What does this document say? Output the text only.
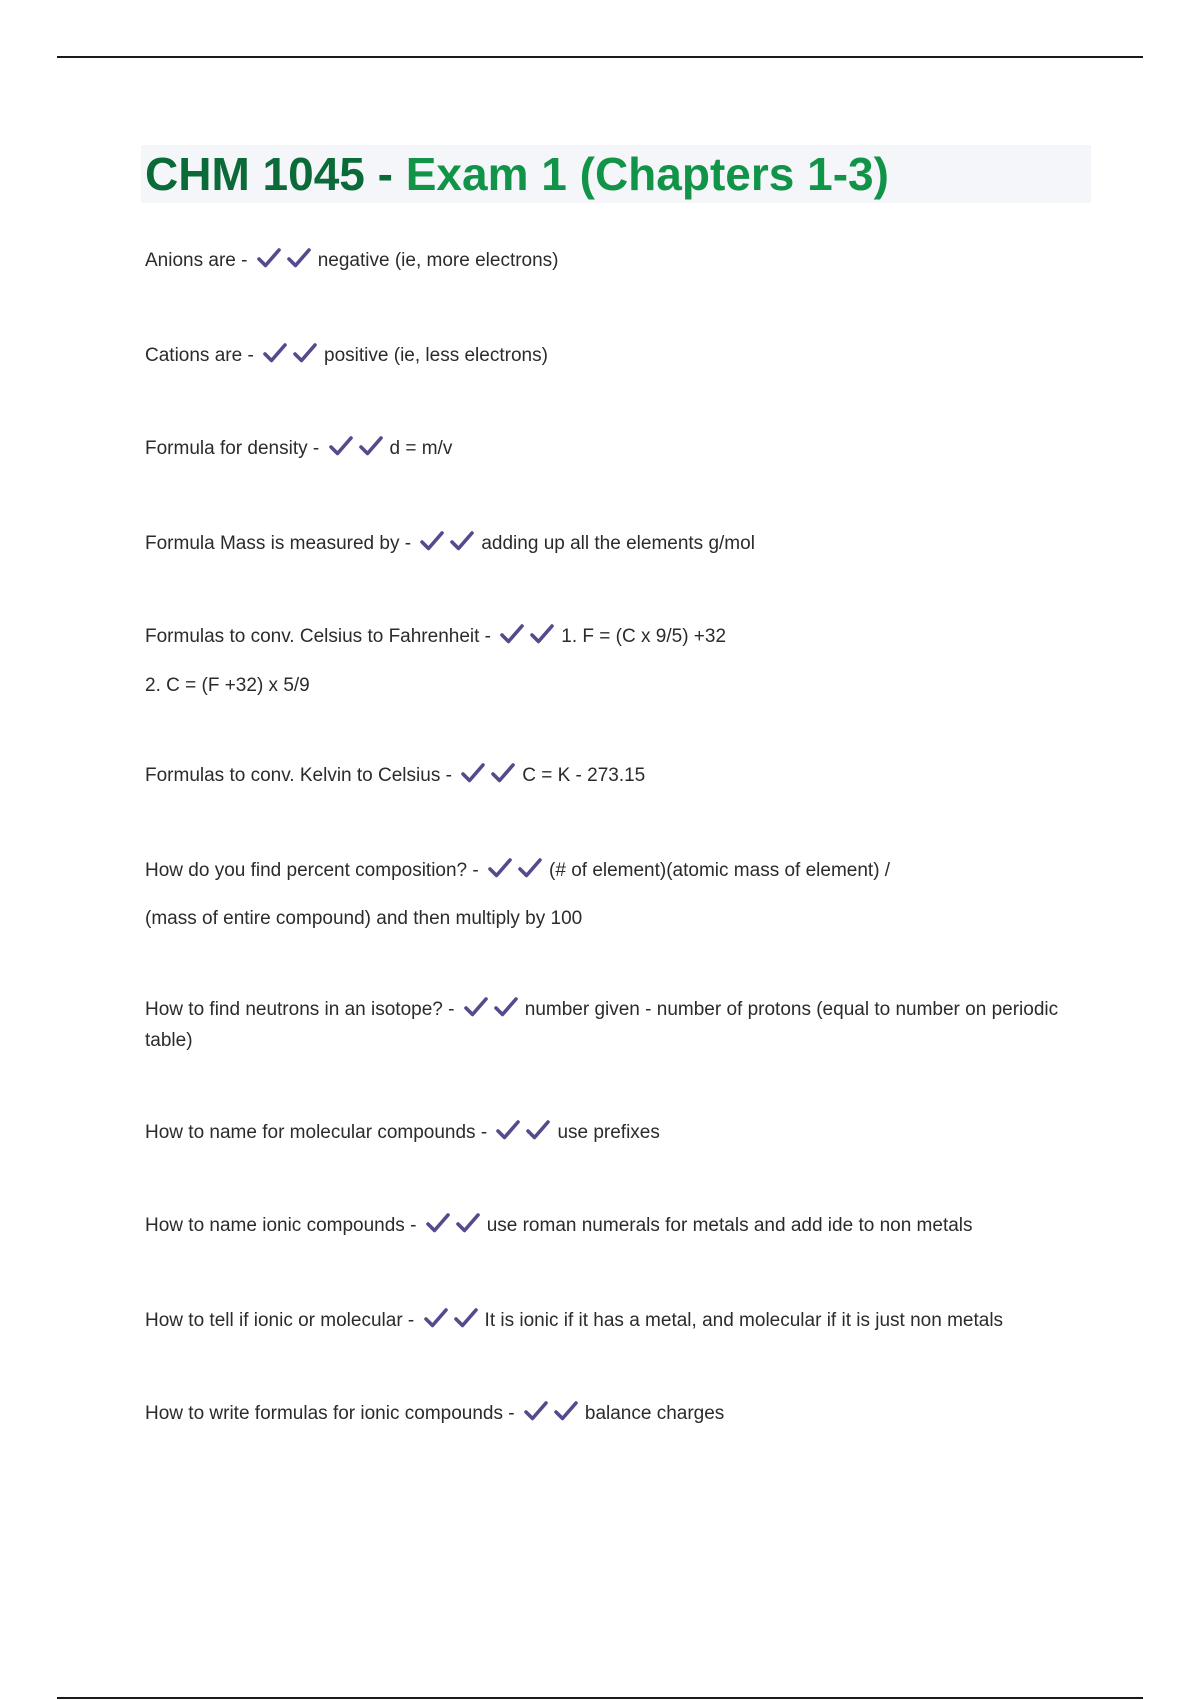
CHM 1045 - Exam 1 (Chapters 1-3)
Anions are -	negative (ie, more electrons)
Cations are -	positive (ie, less electrons)
Formula for density -	d = m/v
Formula Mass is measured by -	adding up all the elements g/mol
Formulas to conv. Celsius to Fahrenheit -	1. F = (C x 9/5) +32
2. C = (F +32) x 5/9
Formulas to conv. Kelvin to Celsius -	C = K - 273.15
How do you find percent composition? -	(# of element)(atomic mass of element) /
(mass of entire compound) and then multiply by 100
How to find neutrons in an isotope? -	number given - number of protons (equal to number on periodic table)
How to name for molecular compounds -	use prefixes
How to name ionic compounds -	use roman numerals for metals and add ide to non metals
How to tell if ionic or molecular -	It is ionic if it has a metal, and molecular if it is just non metals
How to write formulas for ionic compounds -	balance charges
